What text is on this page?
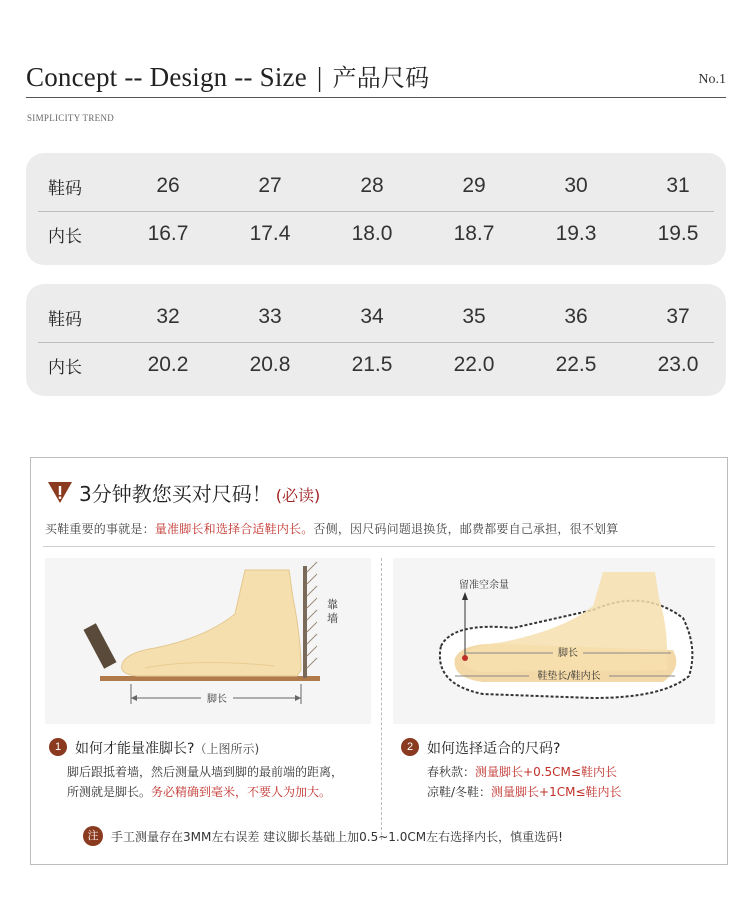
Concept -- Design -- Size | 产品尺码	No.1
SIMPLICITY TREND
鞋码	26	27	28	29	30	31
内长	16.7	17.4	18.0	18.7	19.3	19.5
鞋码	32	33	34	35	36	37
内长	20.2	20.8	21.5	22.0	22.5	23.0
3分钟教您买对尺码！ (必读)
买鞋重要的事就是：量准脚长和选择合适鞋内长。否侧，因尺码问题退换货，邮费都要自己承担，很不划算
脚长
靠墙
脚长
鞋垫长/鞋内长
留准空余量
1 如何才能量准脚长?（上图所示)
脚后跟抵着墙，然后测量从墙到脚的最前端的距离，
所测就是脚长。务必精确到毫米，不要人为加大。
2 如何选择适合的尺码?
春秋款：测量脚长+0.5CM≤鞋内长
凉鞋/冬鞋：测量脚长+1CM≤鞋内长
注	手工测量存在3MM左右误差 建议脚长基础上加0.5~1.0CM左右选择内长，慎重选码!
